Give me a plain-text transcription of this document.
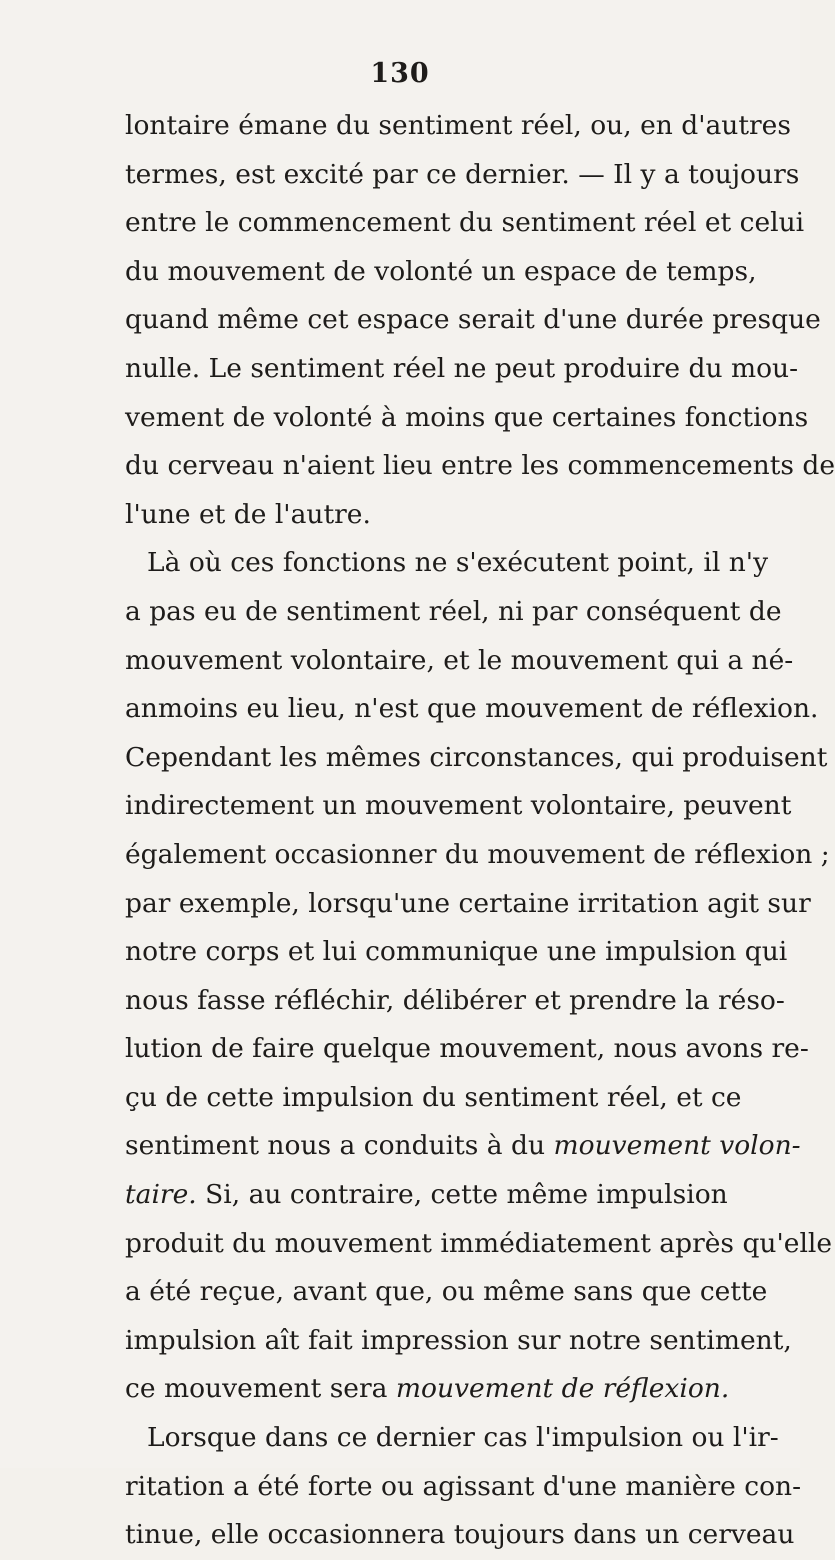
130
lontaire émane du sentiment réel, ou, en d'autres
termes, est excité par ce dernier. — Il y a toujours
entre le commencement du sentiment réel et celui
du mouvement de volonté un espace de temps,
quand même cet espace serait d'une durée presque
nulle. Le sentiment réel ne peut produire du mou-
vement de volonté à moins que certaines fonctions
du cerveau n'aient lieu entre les commencements de
l'une et de l'autre.
Là où ces fonctions ne s'exécutent point, il n'y
a pas eu de sentiment réel, ni par conséquent de
mouvement volontaire, et le mouvement qui a né-
anmoins eu lieu, n'est que mouvement de réflexion.
Cependant les mêmes circonstances, qui produisent
indirectement un mouvement volontaire, peuvent
également occasionner du mouvement de réflexion ;
par exemple, lorsqu'une certaine irritation agit sur
notre corps et lui communique une impulsion qui
nous fasse réfléchir, délibérer et prendre la réso-
lution de faire quelque mouvement, nous avons re-
çu de cette impulsion du sentiment réel, et ce
sentiment nous a conduits à du mouvement volon-
taire. Si, au contraire, cette même impulsion
produit du mouvement immédiatement après qu'elle
a été reçue, avant que, ou même sans que cette
impulsion aît fait impression sur notre sentiment,
ce mouvement sera mouvement de réflexion.
Lorsque dans ce dernier cas l'impulsion ou l'ir-
ritation a été forte ou agissant d'une manière con-
tinue, elle occasionnera toujours dans un cerveau
